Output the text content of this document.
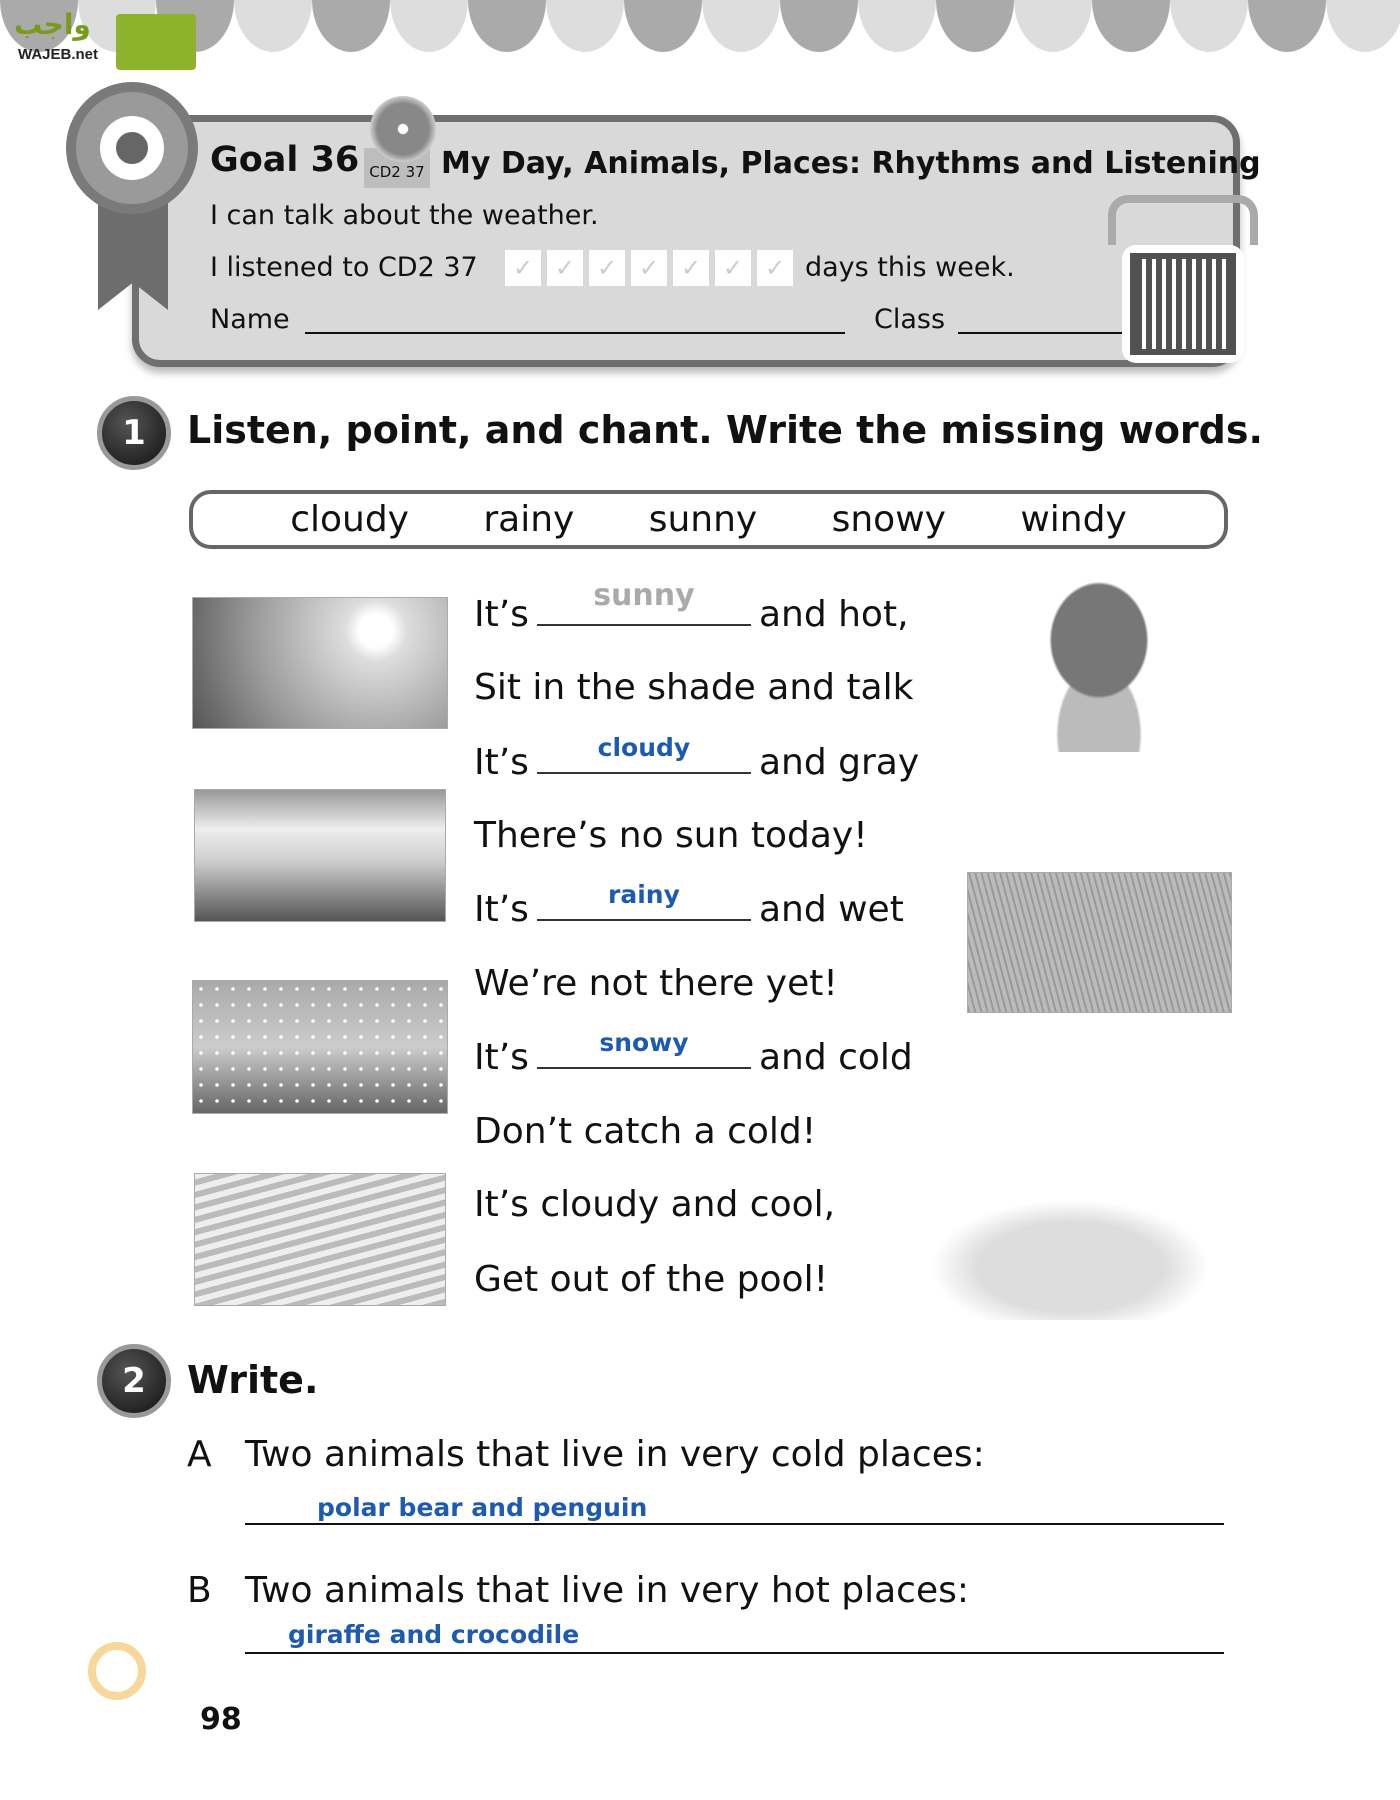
واجب
WAJEB.net
CD2 37
Goal 36	My Day, Animals, Places: Rhythms and Listening
I can talk about the weather.
I listened to CD2 37	✓ ✓ ✓ ✓ ✓ ✓ ✓ days this week.
Name	Class
1	Listen, point, and chant. Write the missing words.
cloudy rainy sunny snowy windy
It’s	sunny	and hot,
Sit in the shade and talk
It’s	cloudy	and gray
There’s no sun today!
It’s	rainy	and wet
We’re not there yet!
It’s	snowy	and cold
Don’t catch a cold!
It’s cloudy and cool,
Get out of the pool!
2	Write.
A Two animals that live in very cold places:
polar bear and penguin
B Two animals that live in very hot places:
giraffe and crocodile
98
